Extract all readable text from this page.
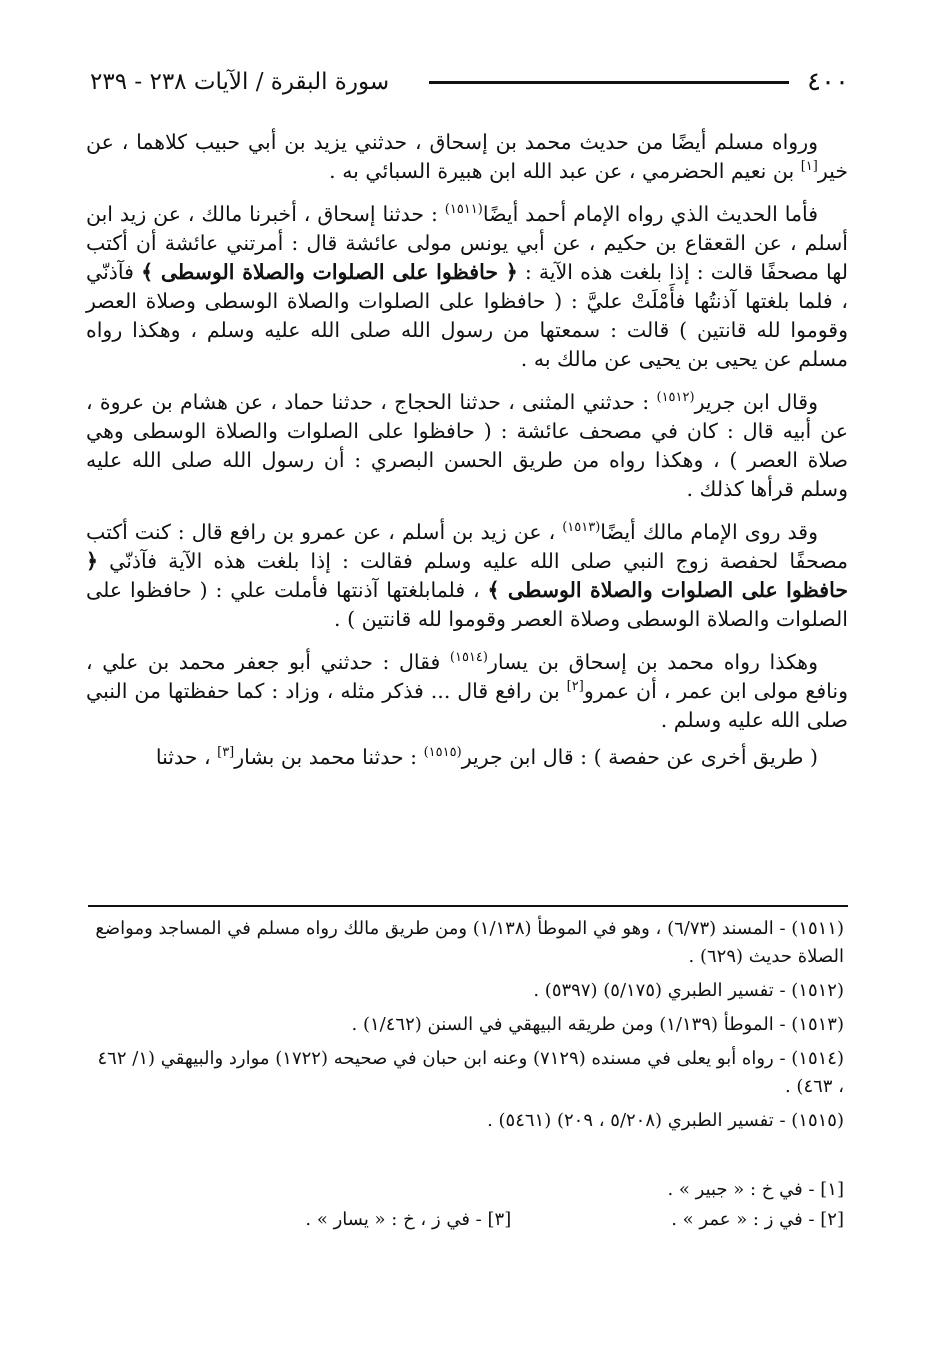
٤٠٠
سورة البقرة / الآيات ٢٣٨ - ٢٣٩

ورواه مسلم أيضًا من حديث محمد بن إسحاق ، حدثني يزيد بن أبي حبيب كلاهما ، عن خير[١] بن نعيم الحضرمي ، عن عبد الله ابن هبيرة السبائي به .

فأما الحديث الذي رواه الإمام أحمد أيضًا$^{(١٥١١)}$ : حدثنا إسحاق ، أخبرنا مالك ، عن زيد ابن أسلم ، عن القعقاع بن حكيم ، عن أبي يونس مولى عائشة قال : أمرتني عائشة أن أكتب لها مصحفًا قالت : إذا بلغت هذه الآية : ﴿ حافظوا على الصلوات والصلاة الوسطى ﴾ فآذنّي ، فلما بلغتها آذنتُها فأَمْلَتْ عليَّ : ( حافظوا على الصلوات والصلاة الوسطى وصلاة العصر وقوموا لله قانتين ) قالت : سمعتها من رسول الله صلى الله عليه وسلم ، وهكذا رواه مسلم عن يحيى بن يحيى عن مالك به .

وقال ابن جرير$^{(١٥١٢)}$ : حدثني المثنى ، حدثنا الحجاج ، حدثنا حماد ، عن هشام بن عروة ، عن أبيه قال : كان في مصحف عائشة : ( حافظوا على الصلوات والصلاة الوسطى وهي صلاة العصر ) ، وهكذا رواه من طريق الحسن البصري : أن رسول الله صلى الله عليه وسلم قرأها كذلك .

وقد روى الإمام مالك أيضًا$^{(١٥١٣)}$ ، عن زيد بن أسلم ، عن عمرو بن رافع قال : كنت أكتب مصحفًا لحفصة زوج النبي صلى الله عليه وسلم فقالت : إذا بلغت هذه الآية فآذنّي ﴿ حافظوا على الصلوات والصلاة الوسطى ﴾ ، فلمابلغتها آذنتها فأملت علي : ( حافظوا على الصلوات والصلاة الوسطى وصلاة العصر وقوموا لله قانتين ) .

وهكذا رواه محمد بن إسحاق بن يسار$^{(١٥١٤)}$ فقال : حدثني أبو جعفر محمد بن علي ، ونافع مولى ابن عمر ، أن عمرو[٢] بن رافع قال ... فذكر مثله ، وزاد : كما حفظتها من النبي صلى الله عليه وسلم .

( طريق أخرى عن حفصة ) : قال ابن جرير$^{(١٥١٥)}$ : حدثنا محمد بن بشار[٣] ، حدثنا

(١٥١١) - المسند (٦/٧٣) ، وهو في الموطأ (١/١٣٨) ومن طريق مالك رواه مسلم في المساجد ومواضع الصلاة حديث (٦٢٩) .

(١٥١٢) - تفسير الطبري (٥/١٧٥) (٥٣٩٧) .

(١٥١٣) - الموطأ (١/١٣٩) ومن طريقه البيهقي في السنن (١/٤٦٢) .

(١٥١٤) - رواه أبو يعلى في مسنده (٧١٢٩) وعنه ابن حبان في صحيحه (١٧٢٢) موارد والبيهقي (١/ ٤٦٢ ، ٤٦٣) .

(١٥١٥) - تفسير الطبري (٥/٢٠٨ ، ٢٠٩) (٥٤٦١) .

[١] - في خ : « جبير » .
[٢] - في ز : « عمر » .
[٣] - في ز ، خ : « يسار » .
